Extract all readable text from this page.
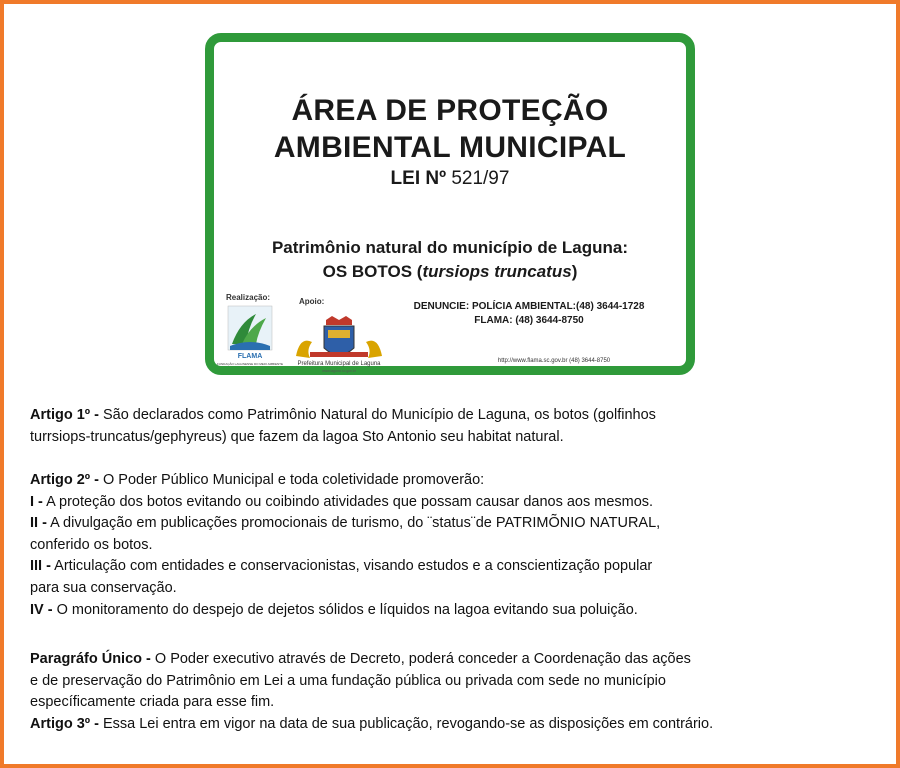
ÁREA DE PROTEÇÃO
AMBIENTAL MUNICIPAL
LEI Nº 521/97
Patrimônio natural do município de Laguna:
OS BOTOS (tursiops truncatus)
Realização:	Apoio:
FLAMA
FUNDAÇÃO LAGUNENSE DO MEIO AMBIENTE Prefeitura Municipal de Laguna
www.laguna.sc.gov.br
DENUNCIE: POLÍCIA AMBIENTAL:(48) 3644-1728
FLAMA: (48) 3644-8750
http://www.flama.sc.gov.br (48) 3644-8750

Artigo 1º - São declarados como Patrimônio Natural do Município de Laguna, os botos (golfinhos

turrsiops-truncatus/gephyreus) que fazem da lagoa Sto Antonio seu habitat natural.

Artigo 2º - O Poder Público Municipal e toda coletividade promoverão:

I - A proteção dos botos evitando ou coibindo atividades que possam causar danos aos mesmos.

II - A divulgação em publicações promocionais de turismo, do ¨status¨de PATRIMÕNIO NATURAL,

conferido os botos.

III - Articulação com entidades e conservacionistas, visando estudos e a conscientização popular

para sua conservação.

IV - O monitoramento do despejo de dejetos sólidos e líquidos na lagoa evitando sua poluição.

Paragráfo Único - O Poder executivo através de Decreto, poderá conceder a Coordenação das ações

e de preservação do Patrimônio em Lei a uma fundação pública ou privada com sede no município

específicamente criada para esse fim.

Artigo 3º - Essa Lei entra em vigor na data de sua publicação, revogando-se as disposições em contrário.
